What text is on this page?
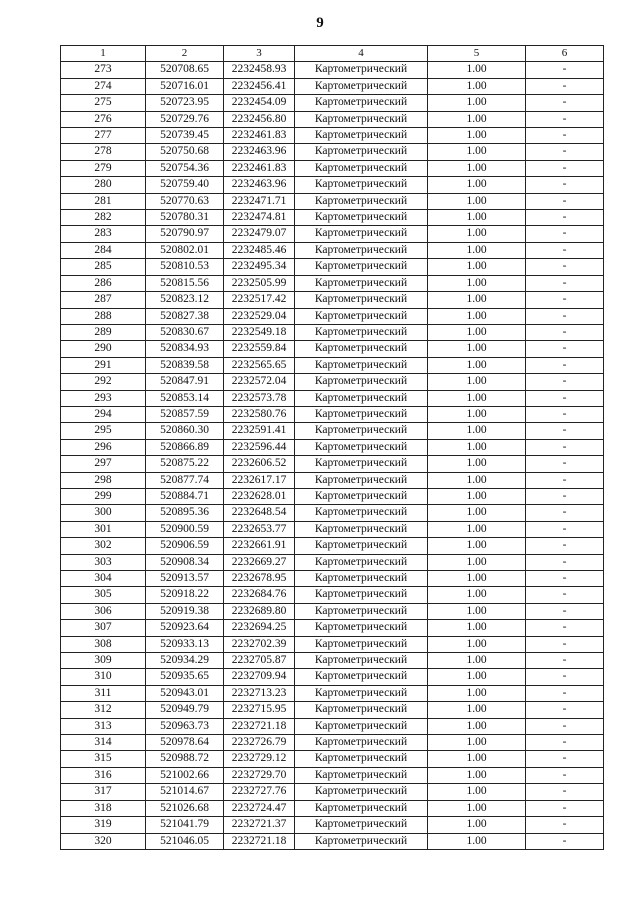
9
1	2	3	4	5	6
273	520708.65	2232458.93	Картометрический	1.00	-
274	520716.01	2232456.41	Картометрический	1.00	-
275	520723.95	2232454.09	Картометрический	1.00	-
276	520729.76	2232456.80	Картометрический	1.00	-
277	520739.45	2232461.83	Картометрический	1.00	-
278	520750.68	2232463.96	Картометрический	1.00	-
279	520754.36	2232461.83	Картометрический	1.00	-
280	520759.40	2232463.96	Картометрический	1.00	-
281	520770.63	2232471.71	Картометрический	1.00	-
282	520780.31	2232474.81	Картометрический	1.00	-
283	520790.97	2232479.07	Картометрический	1.00	-
284	520802.01	2232485.46	Картометрический	1.00	-
285	520810.53	2232495.34	Картометрический	1.00	-
286	520815.56	2232505.99	Картометрический	1.00	-
287	520823.12	2232517.42	Картометрический	1.00	-
288	520827.38	2232529.04	Картометрический	1.00	-
289	520830.67	2232549.18	Картометрический	1.00	-
290	520834.93	2232559.84	Картометрический	1.00	-
291	520839.58	2232565.65	Картометрический	1.00	-
292	520847.91	2232572.04	Картометрический	1.00	-
293	520853.14	2232573.78	Картометрический	1.00	-
294	520857.59	2232580.76	Картометрический	1.00	-
295	520860.30	2232591.41	Картометрический	1.00	-
296	520866.89	2232596.44	Картометрический	1.00	-
297	520875.22	2232606.52	Картометрический	1.00	-
298	520877.74	2232617.17	Картометрический	1.00	-
299	520884.71	2232628.01	Картометрический	1.00	-
300	520895.36	2232648.54	Картометрический	1.00	-
301	520900.59	2232653.77	Картометрический	1.00	-
302	520906.59	2232661.91	Картометрический	1.00	-
303	520908.34	2232669.27	Картометрический	1.00	-
304	520913.57	2232678.95	Картометрический	1.00	-
305	520918.22	2232684.76	Картометрический	1.00	-
306	520919.38	2232689.80	Картометрический	1.00	-
307	520923.64	2232694.25	Картометрический	1.00	-
308	520933.13	2232702.39	Картометрический	1.00	-
309	520934.29	2232705.87	Картометрический	1.00	-
310	520935.65	2232709.94	Картометрический	1.00	-
311	520943.01	2232713.23	Картометрический	1.00	-
312	520949.79	2232715.95	Картометрический	1.00	-
313	520963.73	2232721.18	Картометрический	1.00	-
314	520978.64	2232726.79	Картометрический	1.00	-
315	520988.72	2232729.12	Картометрический	1.00	-
316	521002.66	2232729.70	Картометрический	1.00	-
317	521014.67	2232727.76	Картометрический	1.00	-
318	521026.68	2232724.47	Картометрический	1.00	-
319	521041.79	2232721.37	Картометрический	1.00	-
320	521046.05	2232721.18	Картометрический	1.00	-
